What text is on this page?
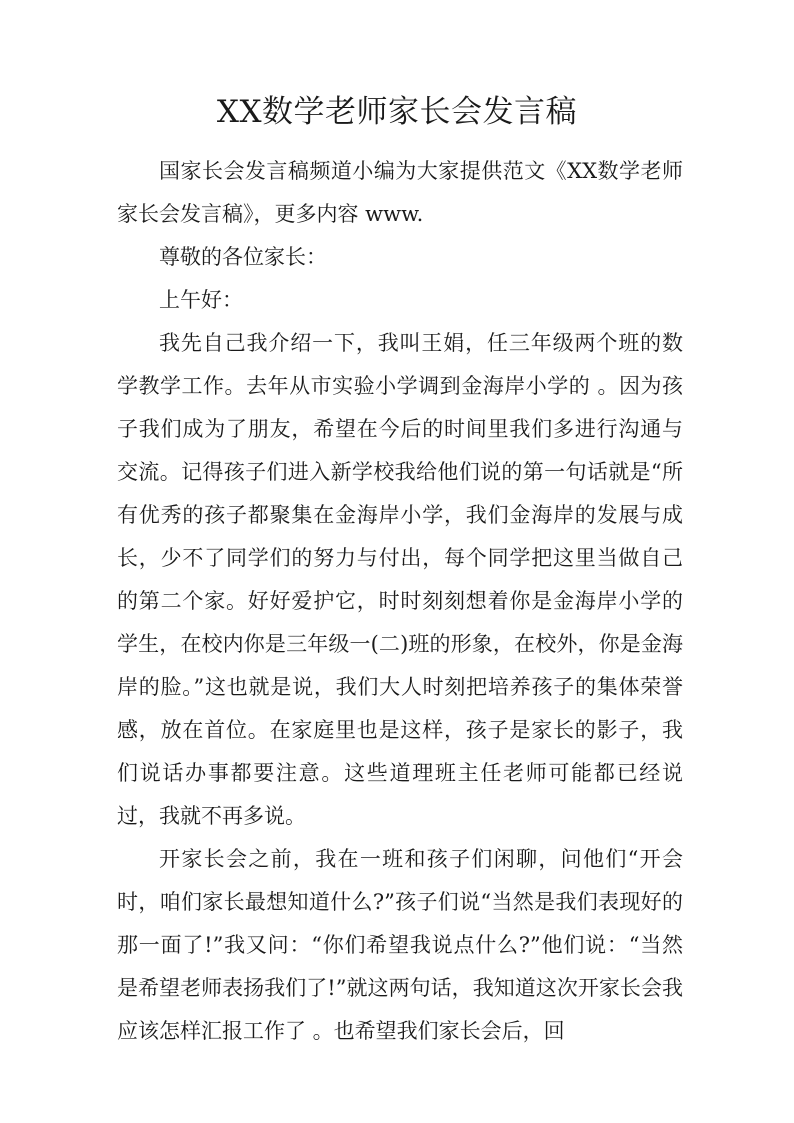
XX数学老师家长会发言稿

国家长会发言稿频道小编为大家提供范文《XX数学老师家长会发言稿》，更多内容 www.

尊敬的各位家长：

上午好：

我先自己我介绍一下，我叫王娟，任三年级两个班的数学教学工作。去年从市实验小学调到金海岸小学的 。因为孩子我们成为了朋友，希望在今后的时间里我们多进行沟通与交流。记得孩子们进入新学校我给他们说的第一句话就是“所有优秀的孩子都聚集在金海岸小学，我们金海岸的发展与成长，少不了同学们的努力与付出，每个同学把这里当做自己的第二个家。好好爱护它，时时刻刻想着你是金海岸小学的学生，在校内你是三年级一(二)班的形象，在校外，你是金海岸的脸。”这也就是说，我们大人时刻把培养孩子的集体荣誉感，放在首位。在家庭里也是这样，孩子是家长的影子，我们说话办事都要注意。这些道理班主任老师可能都已经说过，我就不再多说。

开家长会之前，我在一班和孩子们闲聊，问他们“开会时，咱们家长最想知道什么?”孩子们说“当然是我们表现好的那一面了!”我又问：“你们希望我说点什么?”他们说：“当然是希望老师表扬我们了!”就这两句话，我知道这次开家长会我应该怎样汇报工作了 。也希望我们家长会后，回
